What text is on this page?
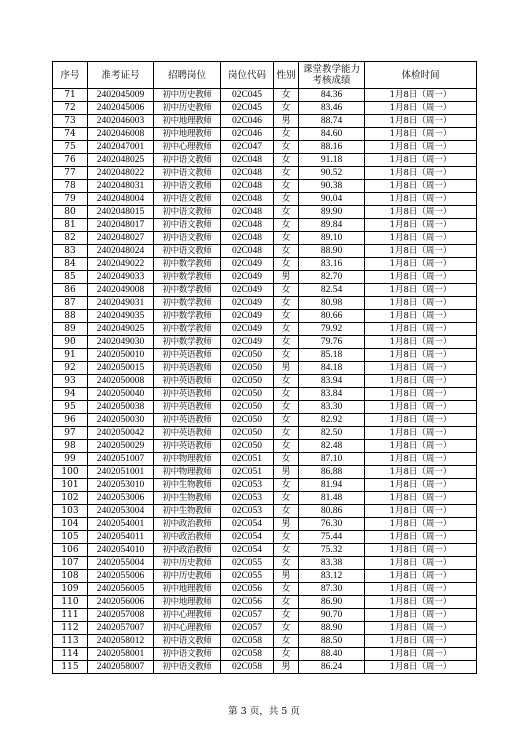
序号	准考证号	招聘岗位	岗位代码	性别	课堂教学能力考核成绩	体检时间
71	2402045009	初中历史教师	02C045	女	84.36	1月8日（周一）
72	2402045006	初中历史教师	02C045	女	83.46	1月8日（周一）
73	2402046003	初中地理教师	02C046	男	88.74	1月8日（周一）
74	2402046008	初中地理教师	02C046	女	84.60	1月8日（周一）
75	2402047001	初中心理教师	02C047	女	88.16	1月8日（周一）
76	2402048025	初中语文教师	02C048	女	91.18	1月8日（周一）
77	2402048022	初中语文教师	02C048	女	90.52	1月8日（周一）
78	2402048031	初中语文教师	02C048	女	90.38	1月8日（周一）
79	2402048004	初中语文教师	02C048	女	90.04	1月8日（周一）
80	2402048015	初中语文教师	02C048	女	89.90	1月8日（周一）
81	2402048017	初中语文教师	02C048	女	89.84	1月8日（周一）
82	2402048027	初中语文教师	02C048	女	89.10	1月8日（周一）
83	2402048024	初中语文教师	02C048	女	88.90	1月8日（周一）
84	2402049022	初中数学教师	02C049	女	83.16	1月8日（周一）
85	2402049033	初中数学教师	02C049	男	82.70	1月8日（周一）
86	2402049008	初中数学教师	02C049	女	82.54	1月8日（周一）
87	2402049031	初中数学教师	02C049	女	80.98	1月8日（周一）
88	2402049035	初中数学教师	02C049	女	80.66	1月8日（周一）
89	2402049025	初中数学教师	02C049	女	79.92	1月8日（周一）
90	2402049030	初中数学教师	02C049	女	79.76	1月8日（周一）
91	2402050010	初中英语教师	02C050	女	85.18	1月8日（周一）
92	2402050015	初中英语教师	02C050	男	84.18	1月8日（周一）
93	2402050008	初中英语教师	02C050	女	83.94	1月8日（周一）
94	2402050040	初中英语教师	02C050	女	83.84	1月8日（周一）
95	2402050038	初中英语教师	02C050	女	83.30	1月8日（周一）
96	2402050030	初中英语教师	02C050	女	82.92	1月8日（周一）
97	2402050042	初中英语教师	02C050	女	82.50	1月8日（周一）
98	2402050029	初中英语教师	02C050	女	82.48	1月8日（周一）
99	2402051007	初中物理教师	02C051	女	87.10	1月8日（周一）
100	2402051001	初中物理教师	02C051	男	86.88	1月8日（周一）
101	2402053010	初中生物教师	02C053	女	81.94	1月8日（周一）
102	2402053006	初中生物教师	02C053	女	81.48	1月8日（周一）
103	2402053004	初中生物教师	02C053	女	80.86	1月8日（周一）
104	2402054001	初中政治教师	02C054	男	76.30	1月8日（周一）
105	2402054011	初中政治教师	02C054	女	75.44	1月8日（周一）
106	2402054010	初中政治教师	02C054	女	75.32	1月8日（周一）
107	2402055004	初中历史教师	02C055	女	83.38	1月8日（周一）
108	2402055006	初中历史教师	02C055	男	83.12	1月8日（周一）
109	2402056005	初中地理教师	02C056	女	87.30	1月8日（周一）
110	2402056006	初中地理教师	02C056	女	86.90	1月8日（周一）
111	2402057008	初中心理教师	02C057	女	90.70	1月8日（周一）
112	2402057007	初中心理教师	02C057	女	88.90	1月8日（周一）
113	2402058012	初中语文教师	02C058	女	88.50	1月8日（周一）
114	2402058001	初中语文教师	02C058	女	88.40	1月8日（周一）
115	2402058007	初中语文教师	02C058	男	86.24	1月8日（周一）
第 3 页，共 5 页
